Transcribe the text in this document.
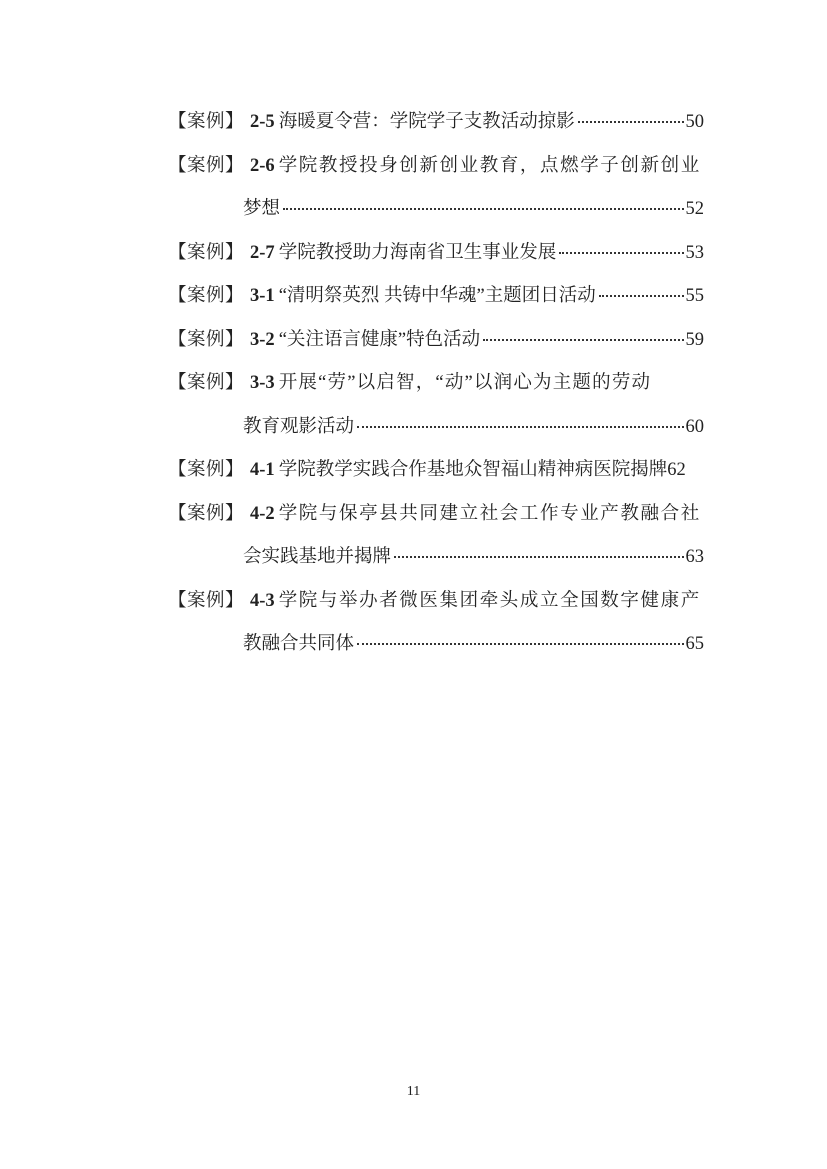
【案例】 2-5 海暖夏令营：学院学子支教活动掠影	50
【案例】 2-6 学院教授投身创新创业教育，点燃学子创新创业
梦想	52
【案例】 2-7 学院教授助力海南省卫生事业发展	53
【案例】 3-1 “清明祭英烈 共铸中华魂”主题团日活动	55
【案例】 3-2 “关注语言健康”特色活动	59
【案例】 3-3 开展“劳”以启智，“动”以润心为主题的劳动
教育观影活动	60
【案例】 4-1 学院教学实践合作基地众智福山精神病医院揭牌 62
【案例】 4-2 学院与保亭县共同建立社会工作专业产教融合社
会实践基地并揭牌	63
【案例】 4-3 学院与举办者微医集团牵头成立全国数字健康产
教融合共同体	65
11
